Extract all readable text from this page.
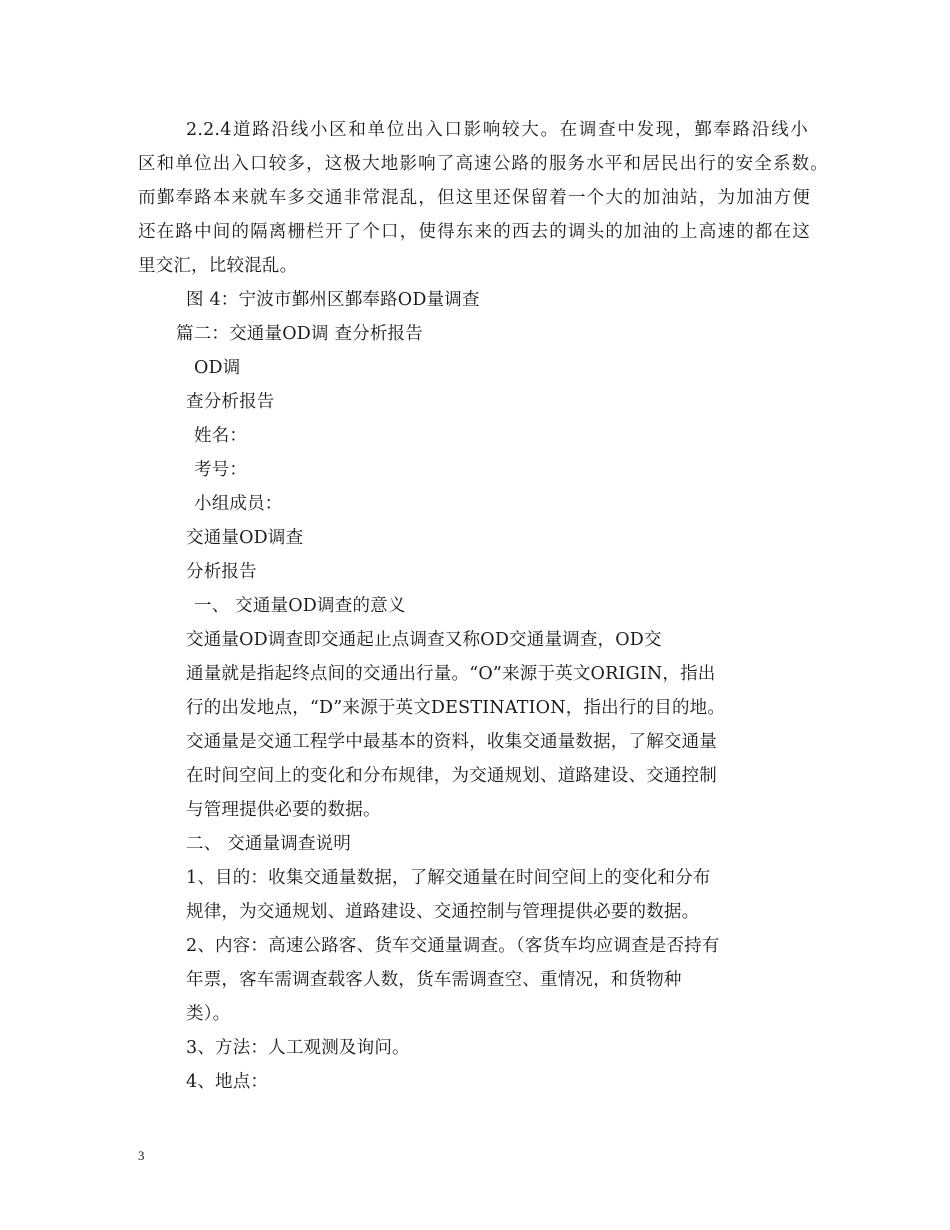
2.2.4道路沿线小区和单位出入口影响较大。在调查中发现，鄞奉路沿线小
区和单位出入口较多，这极大地影响了高速公路的服务水平和居民出行的安全系数。
而鄞奉路本来就车多交通非常混乱，但这里还保留着一个大的加油站，为加油方便
还在路中间的隔离栅栏开了个口，使得东来的西去的调头的加油的上高速的都在这
里交汇，比较混乱。
图 4：宁波市鄞州区鄞奉路OD量调查
篇二：交通量OD调 查分析报告
OD调
查分析报告
姓名：
考号：
小组成员：
交通量OD调查
分析报告
一、 交通量OD调查的意义
交通量OD调查即交通起止点调查又称OD交通量调查，OD交
通量就是指起终点间的交通出行量。“O”来源于英文ORIGIN，指出
行的出发地点，“D”来源于英文DESTINATION，指出行的目的地。
交通量是交通工程学中最基本的资料，收集交通量数据，了解交通量
在时间空间上的变化和分布规律，为交通规划、道路建设、交通控制
与管理提供必要的数据。
二、 交通量调查说明
1、目的：收集交通量数据，了解交通量在时间空间上的变化和分布
规律，为交通规划、道路建设、交通控制与管理提供必要的数据。
2、内容：高速公路客、货车交通量调查。（客货车均应调查是否持有
年票，客车需调查载客人数，货车需调查空、重情况，和货物种
类）。
3、方法：人工观测及询问。
4、地点：
3
